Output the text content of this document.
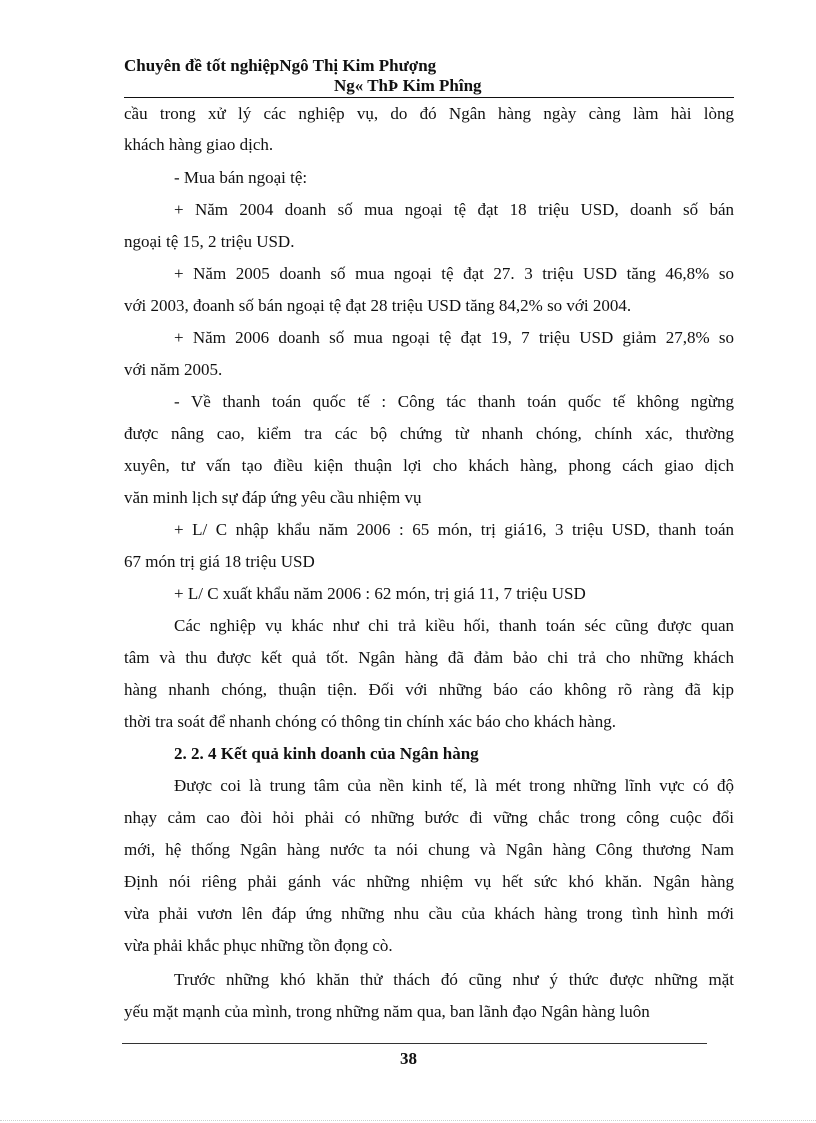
Chuyên đề tốt nghiệpNgô Thị Kim Phượng
Ng« ThÞ Kim Phîng
cầu trong xử lý các nghiệp vụ, do đó Ngân hàng ngày càng làm hài lòng
khách hàng giao dịch.
- Mua bán ngoại tệ:
+ Năm 2004 doanh số mua ngoại tệ đạt 18 triệu USD, doanh số bán
ngoại tệ 15, 2 triệu USD.
+ Năm 2005 doanh số mua ngoại tệ đạt 27. 3 triệu USD tăng 46,8% so
với 2003, đoanh số bán ngoại tệ đạt 28 triệu USD tăng 84,2% so với 2004.
+ Năm 2006 doanh số mua ngoại tệ đạt 19, 7 triệu USD giảm 27,8% so
với năm 2005.
- Về thanh toán quốc tế : Công tác thanh toán quốc tế không ngừng
được nâng cao, kiểm tra các bộ chứng từ nhanh chóng, chính xác, thường
xuyên, tư vấn tạo điều kiện thuận lợi cho khách hàng, phong cách giao dịch
văn minh lịch sự đáp ứng yêu cầu nhiệm vụ
+ L/ C nhập khẩu năm 2006 : 65 món, trị giá16, 3 triệu USD, thanh toán
67 món trị giá 18 triệu USD
+ L/ C xuất khẩu năm 2006 : 62 món, trị giá 11, 7 triệu USD
Các nghiệp vụ khác như chi trả kiều hối, thanh toán séc cũng được quan
tâm và thu được kết quả tốt. Ngân hàng đã đảm bảo chi trả cho những khách
hàng nhanh chóng, thuận tiện. Đối với những báo cáo không rõ ràng đã kịp
thời tra soát để nhanh chóng có thông tin chính xác báo cho khách hàng.
2. 2. 4 Kết quả kinh doanh của Ngân hàng
Được coi là trung tâm của nền kinh tế, là mét trong những lĩnh vực có độ
nhạy cảm cao đòi hỏi phải có những bước đi vững chắc trong công cuộc đổi
mới, hệ thống Ngân hàng nước ta nói chung và Ngân hàng Công thương Nam
Định nói riêng phải gánh vác những nhiệm vụ hết sức khó khăn. Ngân hàng
vừa phải vươn lên đáp ứng những nhu cầu của khách hàng trong tình hình mới
vừa phải khắc phục những tồn đọng cò.
Trước những khó khăn thử thách đó cũng như ý thức được những mặt
yếu mặt mạnh của mình, trong những năm qua, ban lãnh đạo Ngân hàng luôn
38
